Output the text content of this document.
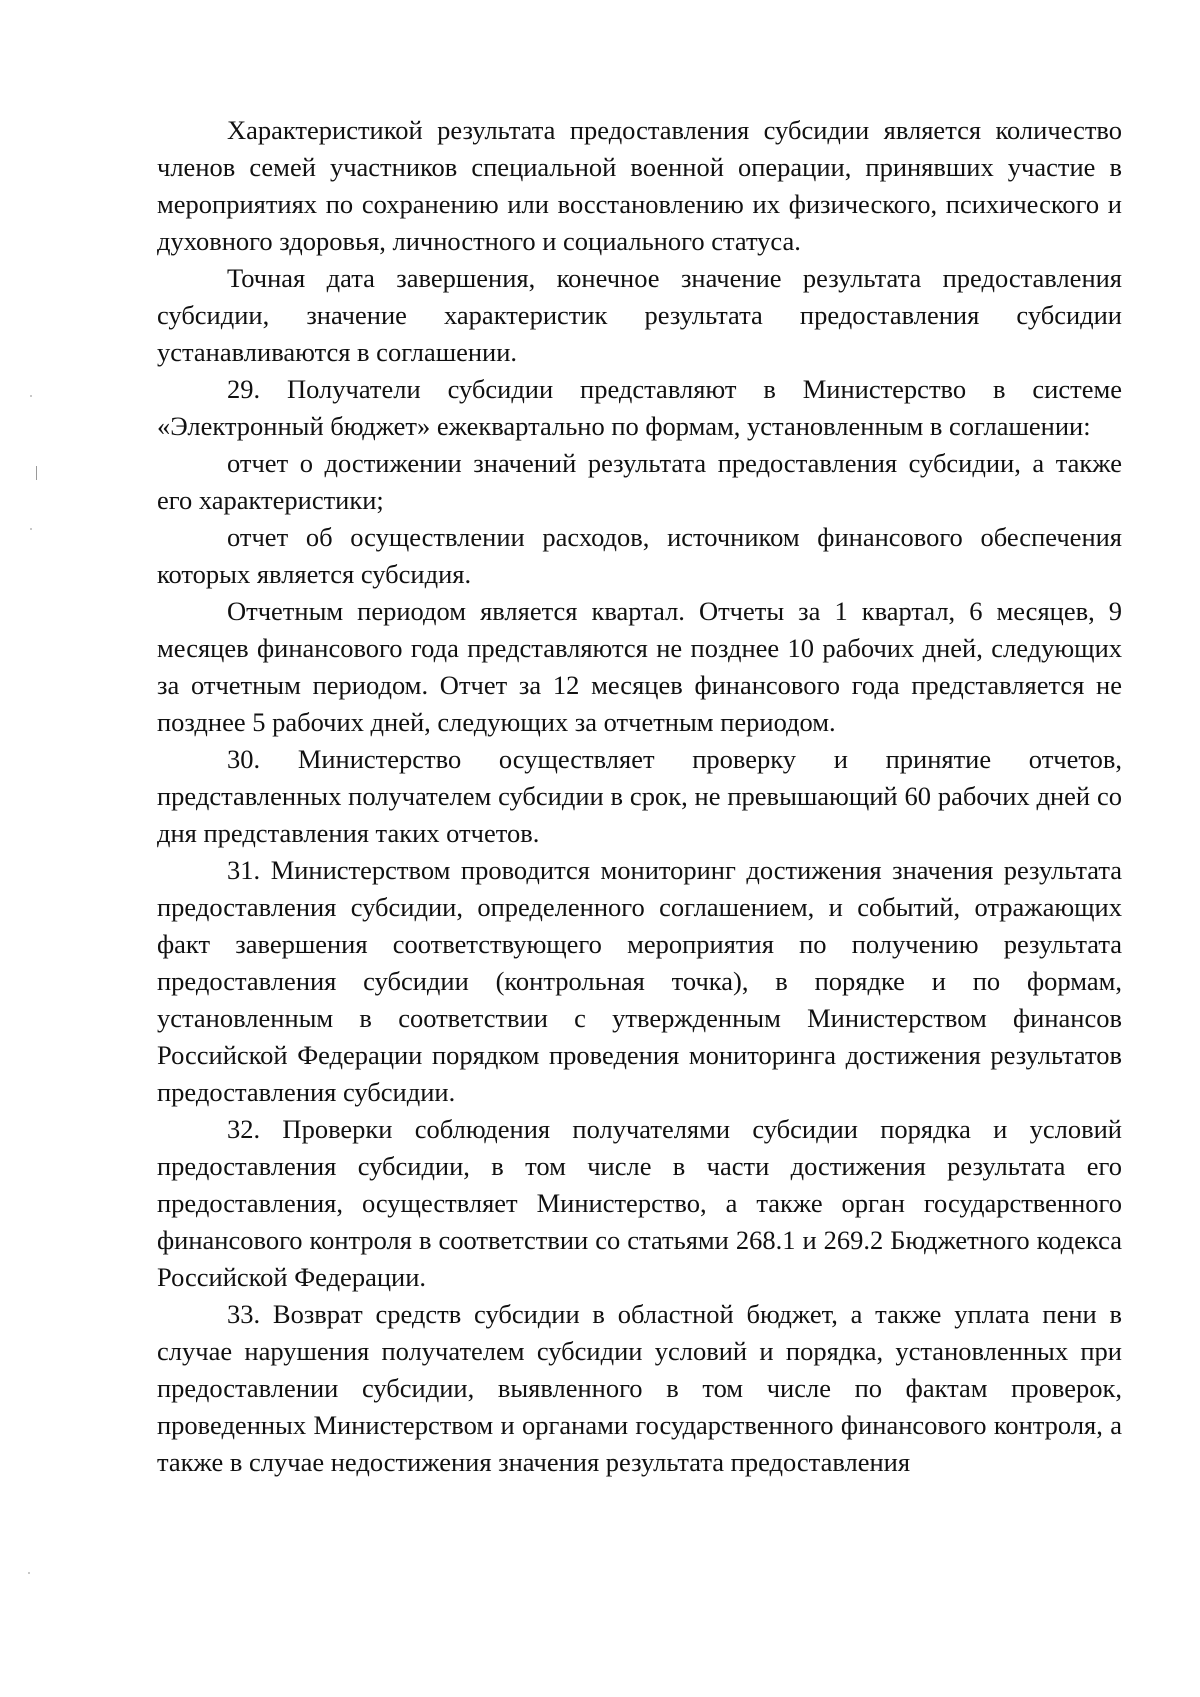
Характеристикой результата предоставления субсидии является количество членов семей участников специальной военной операции, принявших участие в мероприятиях по сохранению или восстановлению их физического, психического и духовного здоровья, личностного и социального статуса.

Точная дата завершения, конечное значение результата предоставления субсидии, значение характеристик результата предоставления субсидии устанавливаются в соглашении.

29. Получатели субсидии представляют в Министерство в системе «Электронный бюджет» ежеквартально по формам, установленным в соглашении:

отчет о достижении значений результата предоставления субсидии, а также его характеристики;

отчет об осуществлении расходов, источником финансового обеспечения которых является субсидия.

Отчетным периодом является квартал. Отчеты за 1 квартал, 6 месяцев, 9 месяцев финансового года представляются не позднее 10 рабочих дней, следующих за отчетным периодом. Отчет за 12 месяцев финансового года представляется не позднее 5 рабочих дней, следующих за отчетным периодом.

30. Министерство осуществляет проверку и принятие отчетов, представленных получателем субсидии в срок, не превышающий 60 рабочих дней со дня представления таких отчетов.

31. Министерством проводится мониторинг достижения значения результата предоставления субсидии, определенного соглашением, и событий, отражающих факт завершения соответствующего мероприятия по получению результата предоставления субсидии (контрольная точка), в порядке и по формам, установленным в соответствии с утвержденным Министерством финансов Российской Федерации порядком проведения мониторинга достижения результатов предоставления субсидии.

32. Проверки соблюдения получателями субсидии порядка и условий предоставления субсидии, в том числе в части достижения результата его предоставления, осуществляет Министерство, а также орган государственного финансового контроля в соответствии со статьями 268.1 и 269.2 Бюджетного кодекса Российской Федерации.

33. Возврат средств субсидии в областной бюджет, а также уплата пени в случае нарушения получателем субсидии условий и порядка, установленных при предоставлении субсидии, выявленного в том числе по фактам проверок, проведенных Министерством и органами государственного финансового контроля, а также в случае недостижения значения результата предоставления
